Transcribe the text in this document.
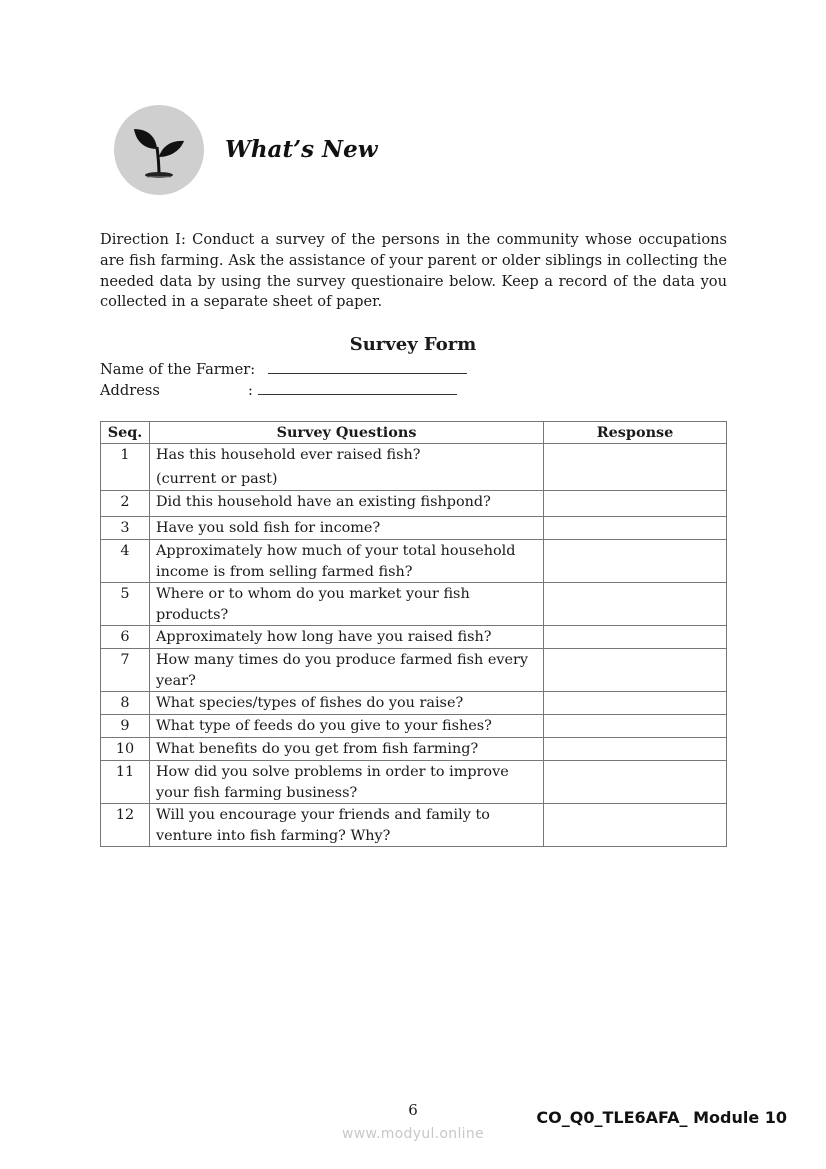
What’s New
Direction I: Conduct a survey of the persons in the community whose occupations are fish farming. Ask the assistance of your parent or older siblings in collecting the needed data by using the survey questionaire below. Keep a record of the data you collected in a separate sheet of paper.
Survey Form
Name of the Farmer:
Address	:
Seq.	Survey Questions	Response
1	Has this household ever raised fish?
(current or past)	

2	Did this household have an existing fishpond?	
3	Have you sold fish for income?	
4	Approximately how much of your total household income is from selling farmed fish?	
5	Where or to whom do you market your fish products?	
6	Approximately how long have you raised fish?	
7	How many times do you produce farmed fish every year?	
8	What species/types of fishes do you raise?	
9	What type of feeds do you give to your fishes?	
10	What benefits do you get from fish farming?	
11	How did you solve problems in order to improve your fish farming business?	
12	Will you encourage your friends and family to venture into fish farming? Why?	
6	CO_Q0_TLE6AFA_ Module 10
www.modyul.online
